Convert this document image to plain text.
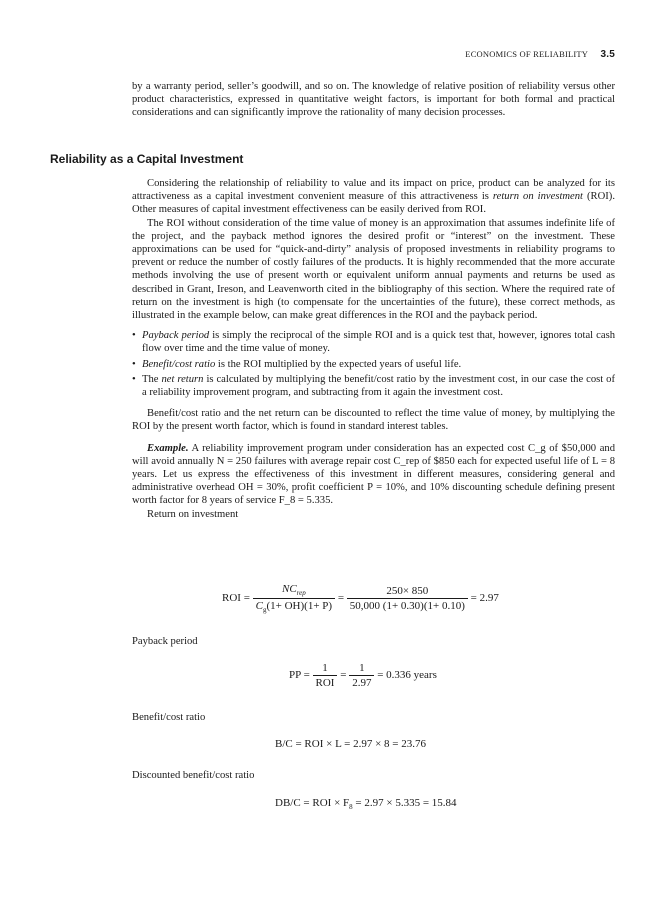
ECONOMICS OF RELIABILITY 3.5

by a warranty period, seller’s goodwill, and so on. The knowledge of relative position of reliability versus other product characteristics, expressed in quantitative weight factors, is important for both formal and practical considerations and can significantly improve the rationality of many decision processes.

Reliability as a Capital Investment

Considering the relationship of reliability to value and its impact on price, product can be analyzed for its attractiveness as a capital investment convenient measure of this attractiveness is return on investment (ROI). Other measures of capital investment effectiveness can be easily derived from ROI.

The ROI without consideration of the time value of money is an approximation that assumes indefinite life of the project, and the payback method ignores the desired profit or “interest” on the investment. These approximations can be used for “quick-and-dirty” analysis of proposed investments in reliability programs to prevent or reduce the number of costly failures of the products. It is highly recommended that the more accurate methods involving the use of present worth or equivalent uniform annual payments and returns be used as described in Grant, Ireson, and Leavenworth cited in the bibliography of this section. Where the required rate of return on the investment is high (to compensate for the uncertainties of the future), these correct methods, as illustrated in the example below, can make great differences in the ROI and the payback period.

• Payback period is simply the reciprocal of the simple ROI and is a quick test that, however, ignores total cash flow over time and the time value of money.
• Benefit/cost ratio is the ROI multiplied by the expected years of useful life.
• The net return is calculated by multiplying the benefit/cost ratio by the investment cost, in our case the cost of a reliability improvement program, and subtracting from it again the investment cost.

Benefit/cost ratio and the net return can be discounted to reflect the time value of money, by multiplying the ROI by the present worth factor, which is found in standard interest tables.

Example. A reliability improvement program under consideration has an expected cost C_g of $50,000 and will avoid annually N = 250 failures with average repair cost C_rep of $850 each for expected useful life of L = 8 years. Let us express the effectiveness of this investment in different measures, considering general and administrative overhead OH = 30%, profit coefficient P = 10%, and 10% discounting schedule defining present worth factor for 8 years of service F_8 = 5.335.

Return on investment

ROI = $\frac{NC_{rep}}{C_g(1+ OH)(1+ P)} = \frac{250\times 850}{50,000 (1+ 0.30)(1+ 0.10)} = 2.97$
Payback period
PP = $\frac{1}{\text{ROI}} = \frac{1}{2.97} = 0.336$ years
Benefit/cost ratio
B/C = ROI × L = 2.97 × 8 = 23.76
Discounted benefit/cost ratio
DB/C = ROI × $F_8 = 2.97 \times 5.335 = 15.84$
